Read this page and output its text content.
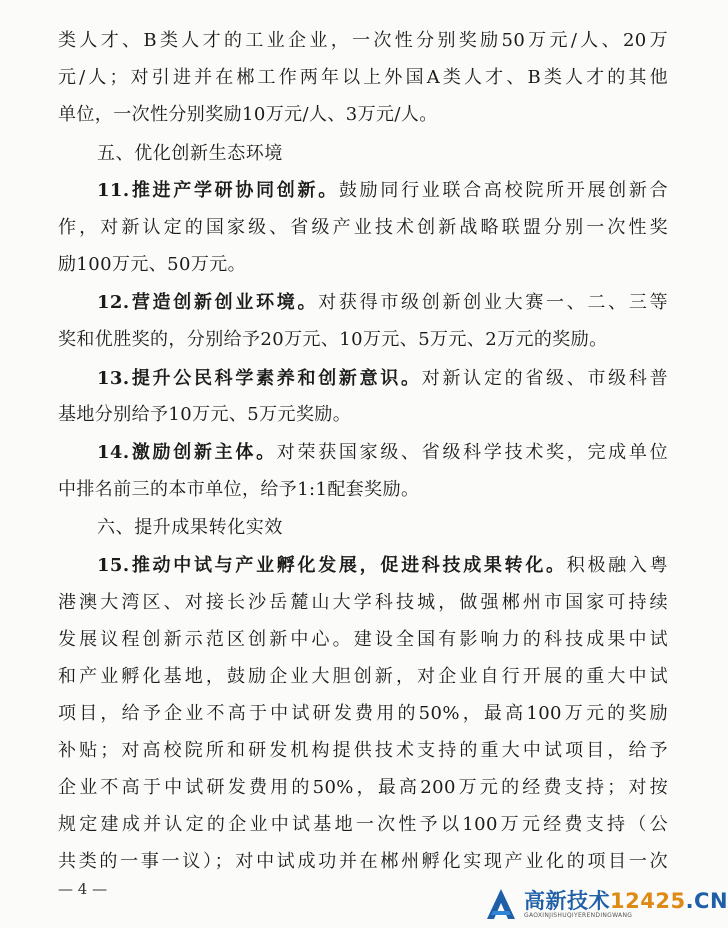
类人才、B类人才的工业企业，一次性分别奖励50万元/人、20万
元/人；对引进并在郴工作两年以上外国A类人才、B类人才的其他
单位，一次性分别奖励10万元/人、3万元/人。
五、优化创新生态环境
11.推进产学研协同创新。鼓励同行业联合高校院所开展创新合
作，对新认定的国家级、省级产业技术创新战略联盟分别一次性奖
励100万元、50万元。
12.营造创新创业环境。对获得市级创新创业大赛一、二、三等
奖和优胜奖的，分别给予20万元、10万元、5万元、2万元的奖励。
13.提升公民科学素养和创新意识。对新认定的省级、市级科普
基地分别给予10万元、5万元奖励。
14.激励创新主体。对荣获国家级、省级科学技术奖，完成单位
中排名前三的本市单位，给予1:1配套奖励。
六、提升成果转化实效
15.推动中试与产业孵化发展，促进科技成果转化。积极融入粤
港澳大湾区、对接长沙岳麓山大学科技城，做强郴州市国家可持续
发展议程创新示范区创新中心。建设全国有影响力的科技成果中试
和产业孵化基地，鼓励企业大胆创新，对企业自行开展的重大中试
项目，给予企业不高于中试研发费用的50%，最高100万元的奖励
补贴；对高校院所和研发机构提供技术支持的重大中试项目，给予
企业不高于中试研发费用的50%，最高200万元的经费支持；对按
规定建成并认定的企业中试基地一次性予以100万元经费支持（公
共类的一事一议）；对中试成功并在郴州孵化实现产业化的项目一次
— 4 —	高新技术12425.CN
GAOXINJISHUQIYERENDINGWANG
